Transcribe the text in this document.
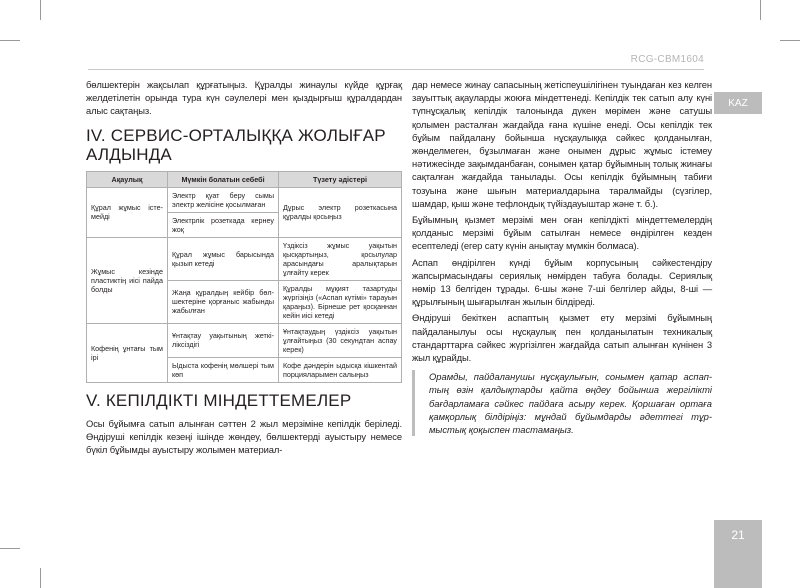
RCG-CBM1604
KAZ
21

бөлшектерін жақсылап құрғатыңыз. Құралды жинаулы күйде құрғақ желдетілетін орында тура күн сәулелері мен қыздырғыш құралдардан алыс сақтаңыз.

IV. СЕРВИС-ОРТАЛЫҚҚА ЖОЛЫҒАР АЛДЫНДА
Ақаулық	Мүмкін болатын себебі	Түзету әдістері
Құрал жұмыс істемейді	Электр қуат беру сымы электр желісіне қосылмаған	Дұрыс электр розеткасына құралды қосыңыз
	Электрлік розеткада кернеу жоқ	
Жұмыс кезінде пластиктің иісі пайда болды	Құрал жұмыс барысында қызып кетеді	Үздіксіз жұмыс уақытын қысқартыңыз, қосылулар арасындағы аралықтарын ұлғайту керек
	Жаңа құралдың кейбір бөлшектеріне қорғаныс жабынды жабылған	Құралды мұқият тазартуды жүргізіңіз («Аспап күтімі» тарауын қараңыз). Бірнеше рет қосқаннан кейін иісі кетеді
Кофенің ұнтағы тым ірі	Ұнтақтау уақытының жеткіліксіздігі	Ұнтақтаудың үздіксіз уақытын ұлғайтыңыз (30 секундтан аспау керек)
	Ыдыста кофенің мөлшері тым көп	Кофе дәндерін ыдысқа кішкентай порцияларымен салыңыз
V. КЕПІЛДІКТІ МІНДЕТТЕМЕЛЕР

Осы бұйымға сатып алынған сәттен 2 жыл мерзіміне кепілдік беріледі. Өндіруші кепілдік кезеңі ішінде жөндеу, бөлшектерді ауыстыру немесе бүкіл бұйымды ауыстыру жолымен материал-

дар немесе жинау сапасының жетіспеушілігінен туындаған кез келген зауыттық ақауларды жоюға міндеттенеді. Кепілдік тек сатып алу күні түпнұсқалық кепілдік талонында дүкен мөрімен және сатушы қолымен расталған жағдайда ғана күшіне енеді. Осы кепілдік тек бұйым пайдалану бойынша нұсқаулыққа сәйкес қолданылған, жөнделмеген, бұзылмаған және онымен дұрыс жұмыс істемеу нәтижесінде зақымданбаған, сонымен қатар бұйымның толық жинағы сақталған жағдайда танылады. Осы кепілдік бұйымның табиғи тозуына және шығын материалдарына таралмайды (сүзгілер, шамдар, қыш және тефлондық түйіздауыштар және т. б.).

Бұйымның қызмет мерзімі мен оған кепілдікті міндеттемелердің қолданыс мерзімі бұйым сатылған немесе өндірілген кезден есептеледі (егер сату күнін анықтау мүмкін болмаса).

Аспап өндірілген күнді бұйым корпусының сәйкестендіру жапсырмасындағы сериялық нөмірден табуға болады. Сериялық нөмір 13 белгіден тұрады. 6-шы және 7-ші белгілер айды, 8-ші — құрылғының шығарылған жылын білдіреді.

Өндіруші бекіткен аспаптың қызмет ету мерзімі бұйымның пайдаланылуы осы нұсқаулық пен қолданылатын техникалық стандарттарға сәйкес жүргізілген жағдайда сатып алынған күнінен 3 жыл құрайды.

Орамды, пайдаланушы нұсқаулығын, сонымен қатар аспаптың өзін қалдықтарды қайта өңдеу бойынша жергілікті бағдарламаға сәйкес пайдаға асыру керек. Қоршаған ортаға қамқорлық білдіріңіз: мұндай бұйымдарды әдеттегі тұрмыстық қоқыспен тастамаңыз.
